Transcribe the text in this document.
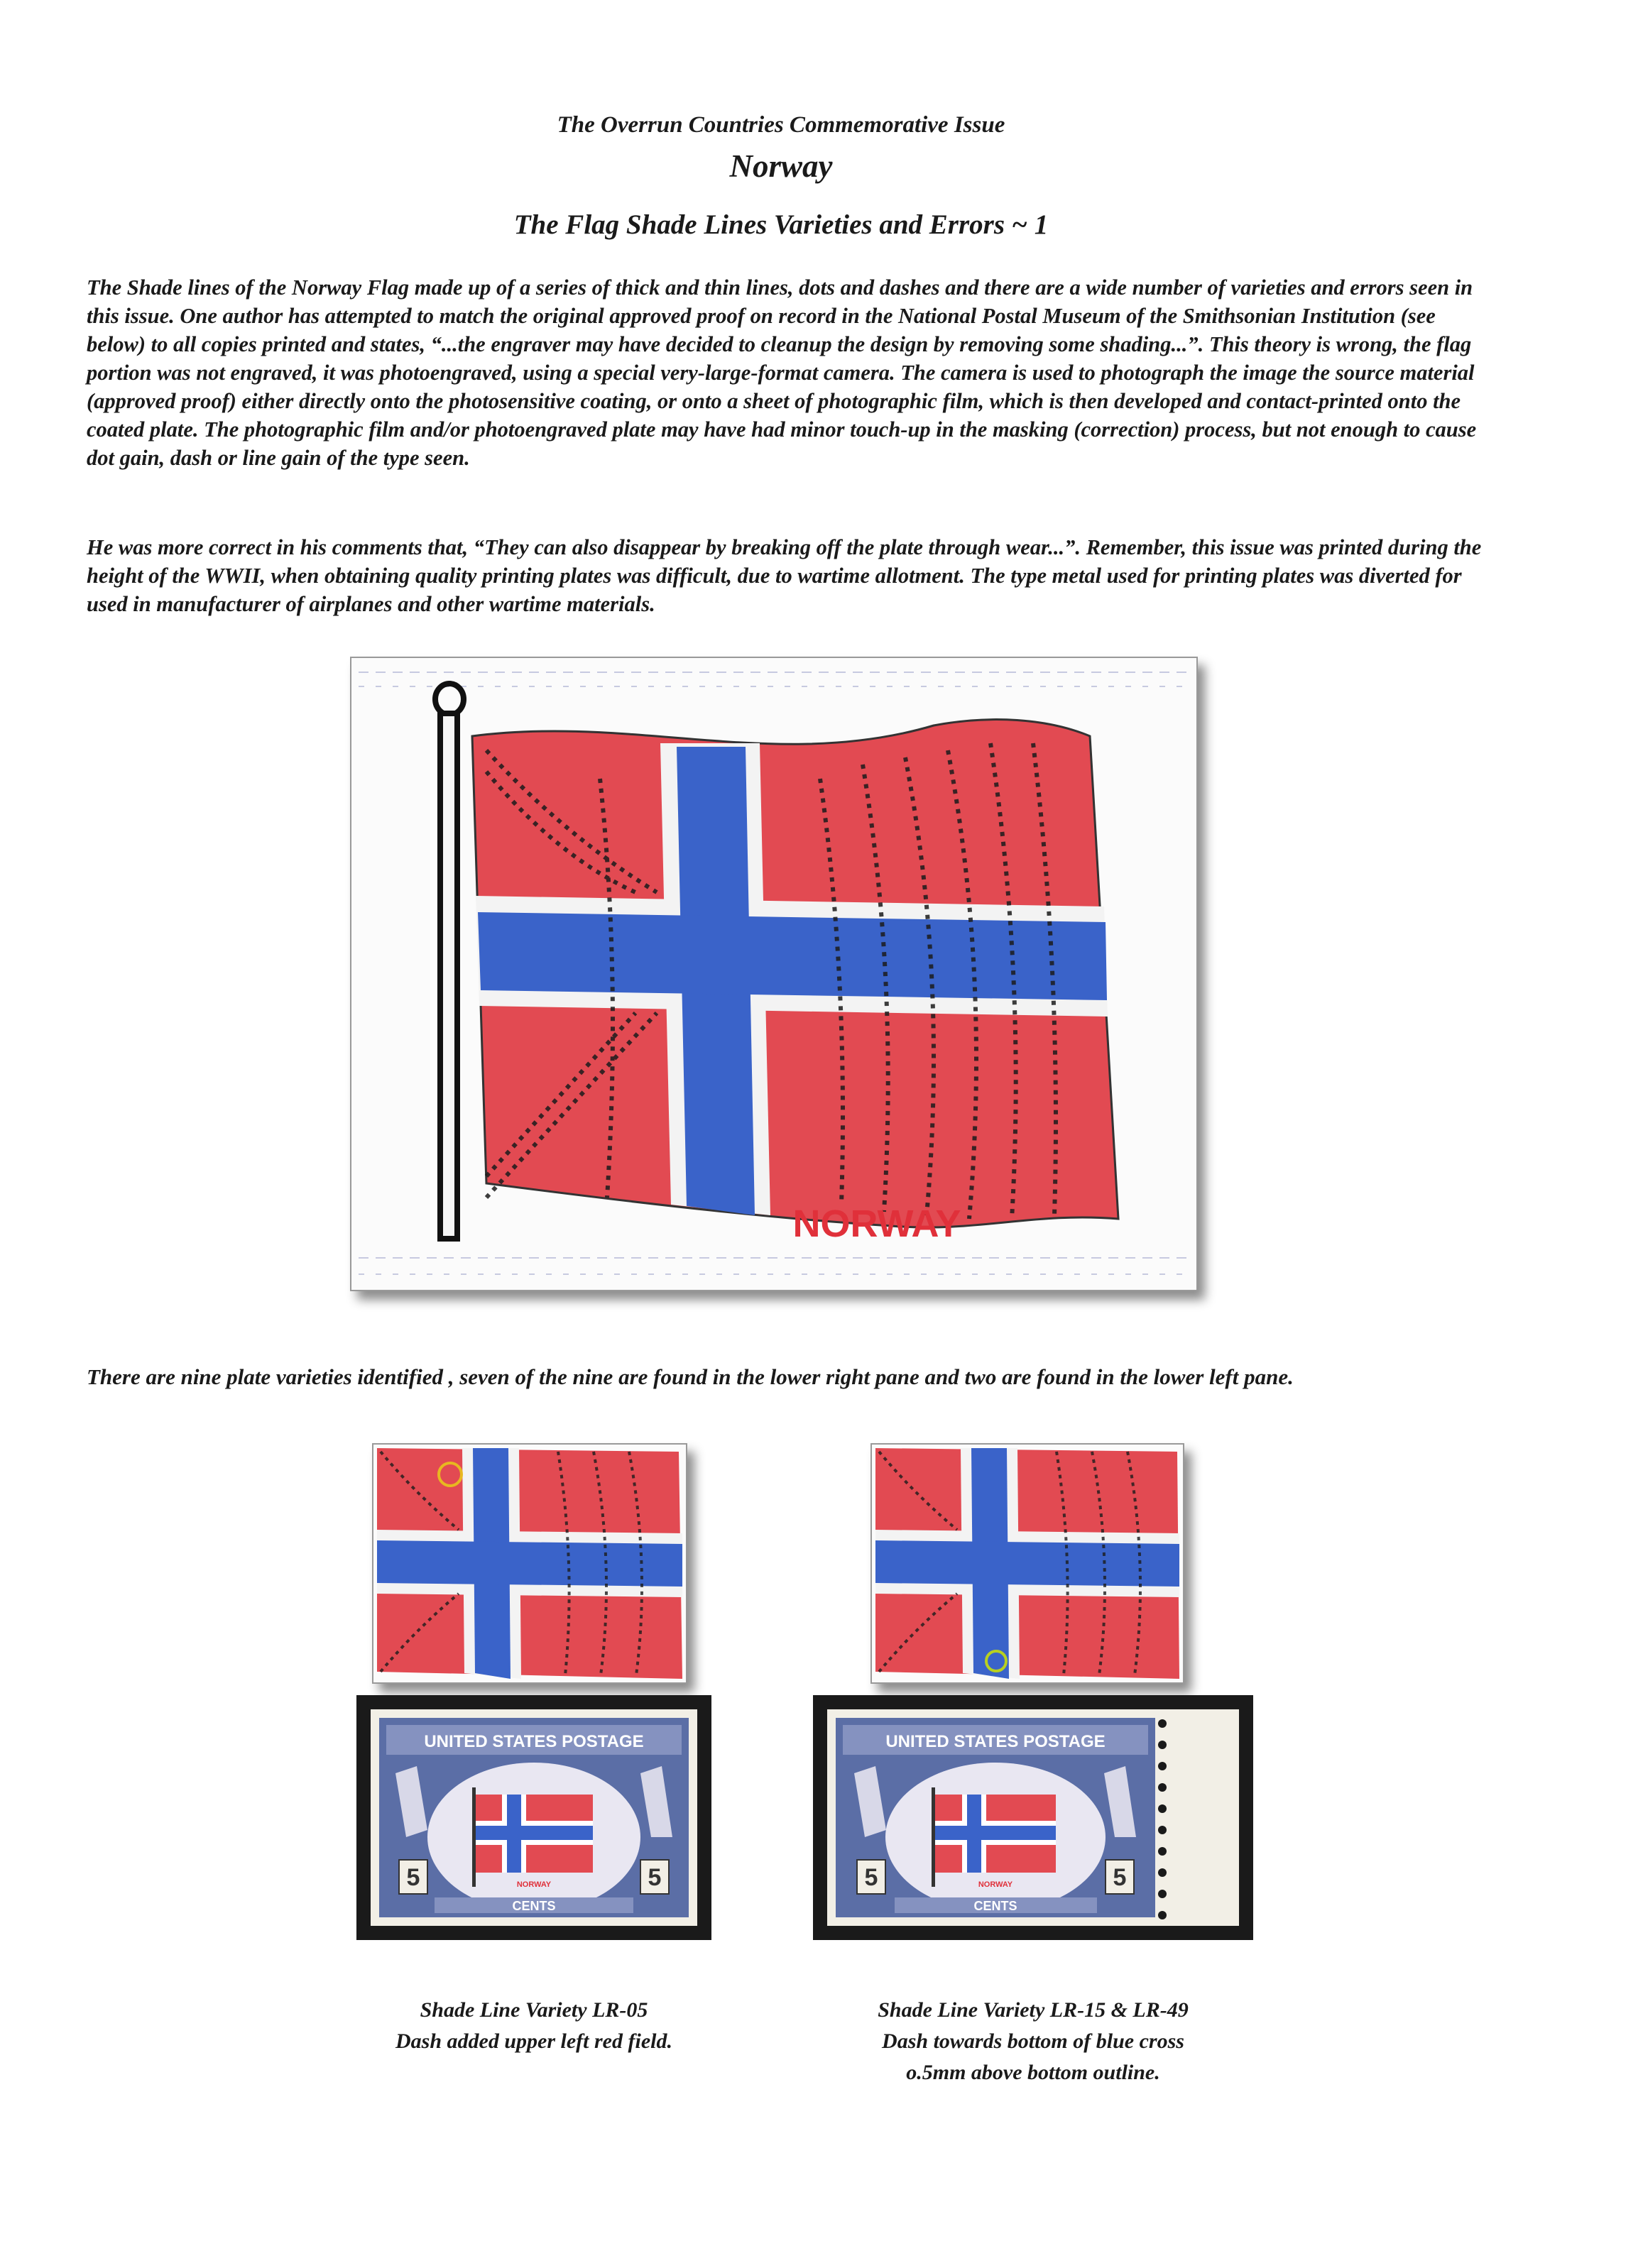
The Overrun Countries Commemorative Issue
Norway
The Flag Shade Lines Varieties and Errors ~ 1
The Shade lines of the Norway Flag made up of a series of thick and thin lines, dots and dashes and there are a wide number of varieties and errors seen in this issue. One author has attempted to match the original approved proof on record in the National Postal Museum of the Smithsonian Institution (see below) to all copies printed and states, “...the engraver may have decided to cleanup the design by removing some shading...”. This theory is wrong, the flag portion was not engraved, it was photoengraved, using a special very-large-format camera. The camera is used to photograph the image the source material (approved proof) either directly onto the photosensitive coating, or onto a sheet of photographic film, which is then developed and contact-printed onto the coated plate. The photographic film and/or photoengraved plate may have had minor touch-up in the masking (correction) process, but not enough to cause dot gain, dash or line gain of the type seen.
He was more correct in his comments that, “They can also disappear by breaking off the plate through wear...”. Remember, this issue was printed during the height of the WWII, when obtaining quality printing plates was difficult, due to wartime allotment. The type metal used for printing plates was diverted for used in manufacturer of airplanes and other wartime materials.
NORWAY
There are nine plate varieties identified , seven of the nine are found in the lower right pane and two are found in the lower left pane.
UNITED STATES POSTAGE
NORWAY
5	5
CENTS
UNITED STATES POSTAGE
NORWAY
5	5
CENTS
Shade Line Variety LR-05
Dash added upper left red field.
Shade Line Variety LR-15 & LR-49
Dash towards bottom of blue cross
o.5mm above bottom outline.
